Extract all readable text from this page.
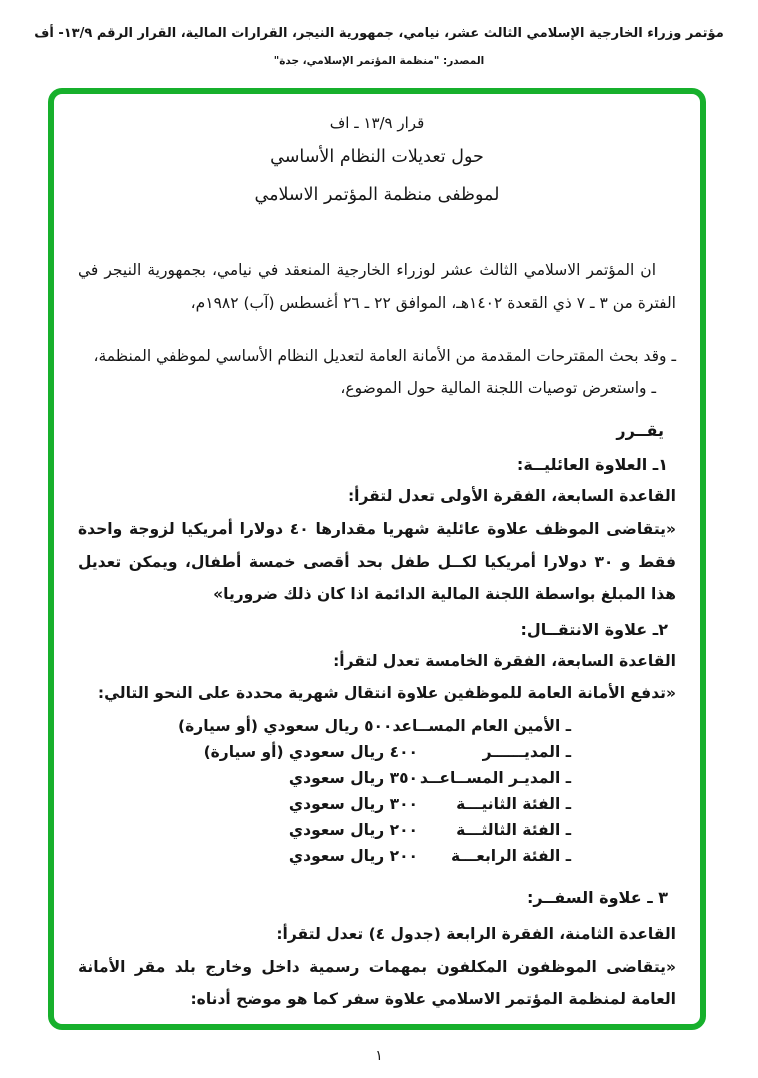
مؤتمر وزراء الخارجية الإسلامي الثالث عشر، نيامي، جمهورية النيجر، القرارات المالية، القرار الرقم ١٣/٩- أف
المصدر: "منظمة المؤتمر الإسلامي، جدة"
قرار ١٣/٩ ـ اف
حول تعديلات النظام الأساسي
لموظفى منظمة المؤتمر الاسلامي

ان المؤتمر الاسلامي الثالث عشر لوزراء الخارجية المنعقد في نيامي، بجمهورية النيجر في الفترة من ٣ ـ ٧ ذي القعدة ١٤٠٢هـ، الموافق ٢٢ ـ ٢٦ أغسطس (آب) ١٩٨٢م،

ـ وقد بحث المقترحات المقدمة من الأمانة العامة لتعديل النظام الأساسي لموظفي المنظمة،

ـ واستعرض توصيات اللجنة المالية حول الموضوع،

يقــرر
١ـ العلاوة العائليــة:

القاعدة السابعة، الفقرة الأولى تعدل لتقرأ:

«يتقاضى الموظف علاوة عائلية شهريا مقدارها ٤٠ دولارا أمريكيا لزوجة واحدة فقط و ٣٠ دولارا أمريكيا لكــل طفل بحد أقصى خمسة أطفال، ويمكن تعديل هذا المبلغ بواسطة اللجنة المالية الدائمة اذا كان ذلك ضروريا»

٢ـ علاوة الانتقــال:

القاعدة السابعة، الفقرة الخامسة تعدل لتقرأ:

«تدفع الأمانة العامة للموظفين علاوة انتقال شهرية محددة على النحو التالي:

ـ الأمين العام المســاعد
٥٠٠ ريال سعودي (أو سيارة)
ـ المديــــــر
٤٠٠ ريال سعودي (أو سيارة)
ـ المديـر المســاعــد
٣٥٠ ريال سعودي
ـ الفئة الثانيـــة
٣٠٠ ريال سعودي
ـ الفئة الثالثـــة
٢٠٠ ريال سعودي
ـ الفئة الرابعـــة
٢٠٠ ريال سعودي
٣ ـ علاوة السفــر:

القاعدة الثامنة، الفقرة الرابعة (جدول ٤) تعدل لتقرأ:

«يتقاضى الموظفون المكلفون بمهمات رسمية داخل وخارج بلد مقر الأمانة العامة لمنظمة المؤتمر الاسلامي علاوة سفر كما هو موضح أدناه:

١
